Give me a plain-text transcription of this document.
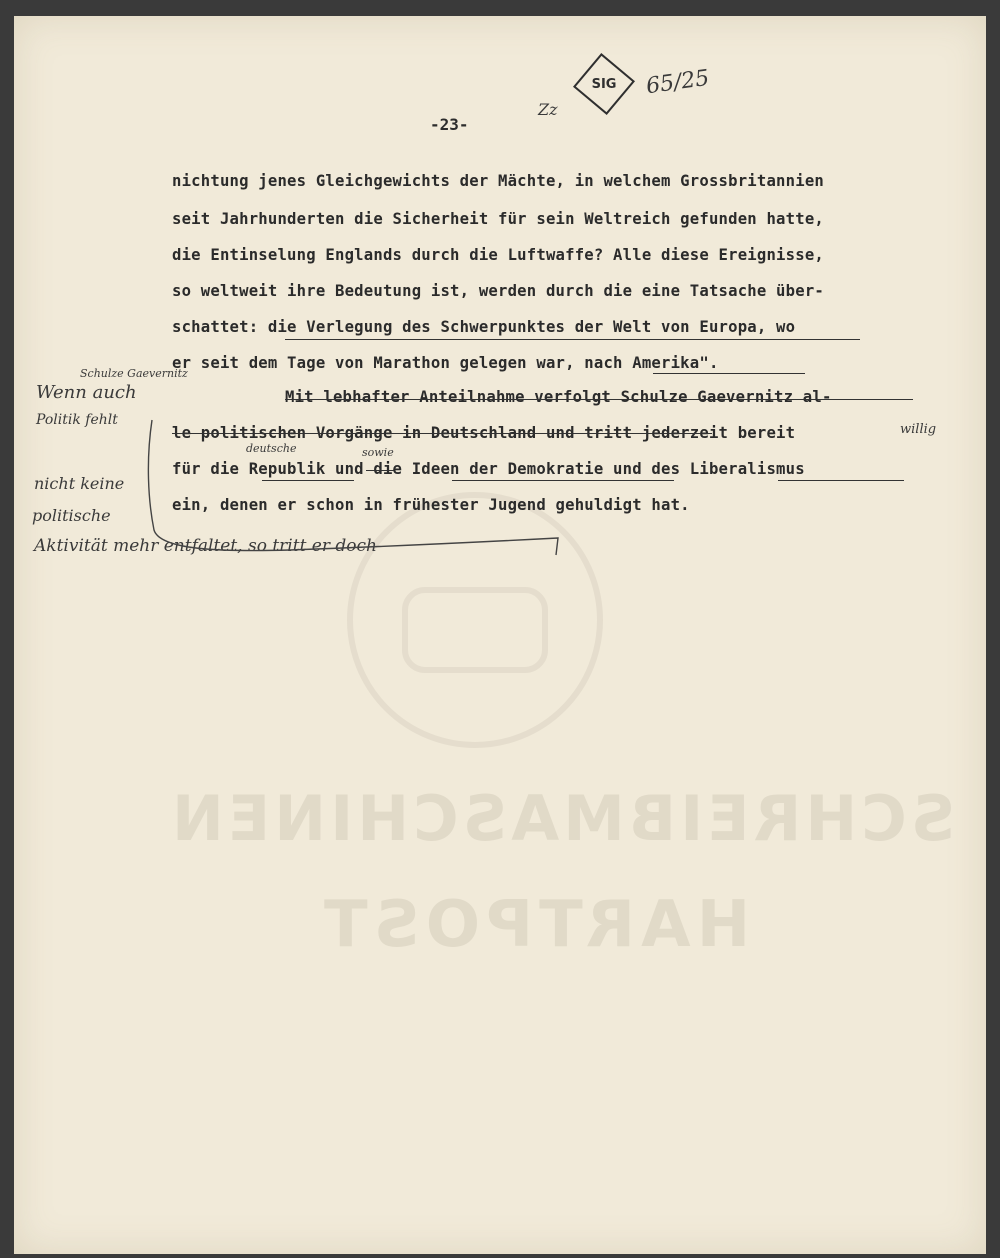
SCHREIBMASCHINEN
HARTPOST
-23-
Zz
SIG 65/25
nichtung jenes Gleichgewichts der Mächte, in welchem Grossbritannien
seit Jahrhunderten die Sicherheit für sein Weltreich gefunden hatte,
die Entinselung Englands durch die Luftwaffe? Alle diese Ereignisse,
so weltweit ihre Bedeutung ist, werden durch die eine Tatsache über-
schattet: die Verlegung des Schwerpunktes der Welt von Europa, wo
er seit dem Tage von Marathon gelegen war, nach Amerika".
Mit lebhafter Anteilnahme verfolgt Schulze Gaevernitz al-
le politischen Vorgänge in Deutschland und tritt jederzeit bereit
für die Republik und die Ideen der Demokratie und des Liberalismus
ein, denen er schon in frühester Jugend gehuldigt hat.
Schulze Gaevernitz
Wenn auch
Politik fehlt
nicht keine
politische
Aktivität mehr entfaltet, so tritt er doch
deutsche	sowie
willig
